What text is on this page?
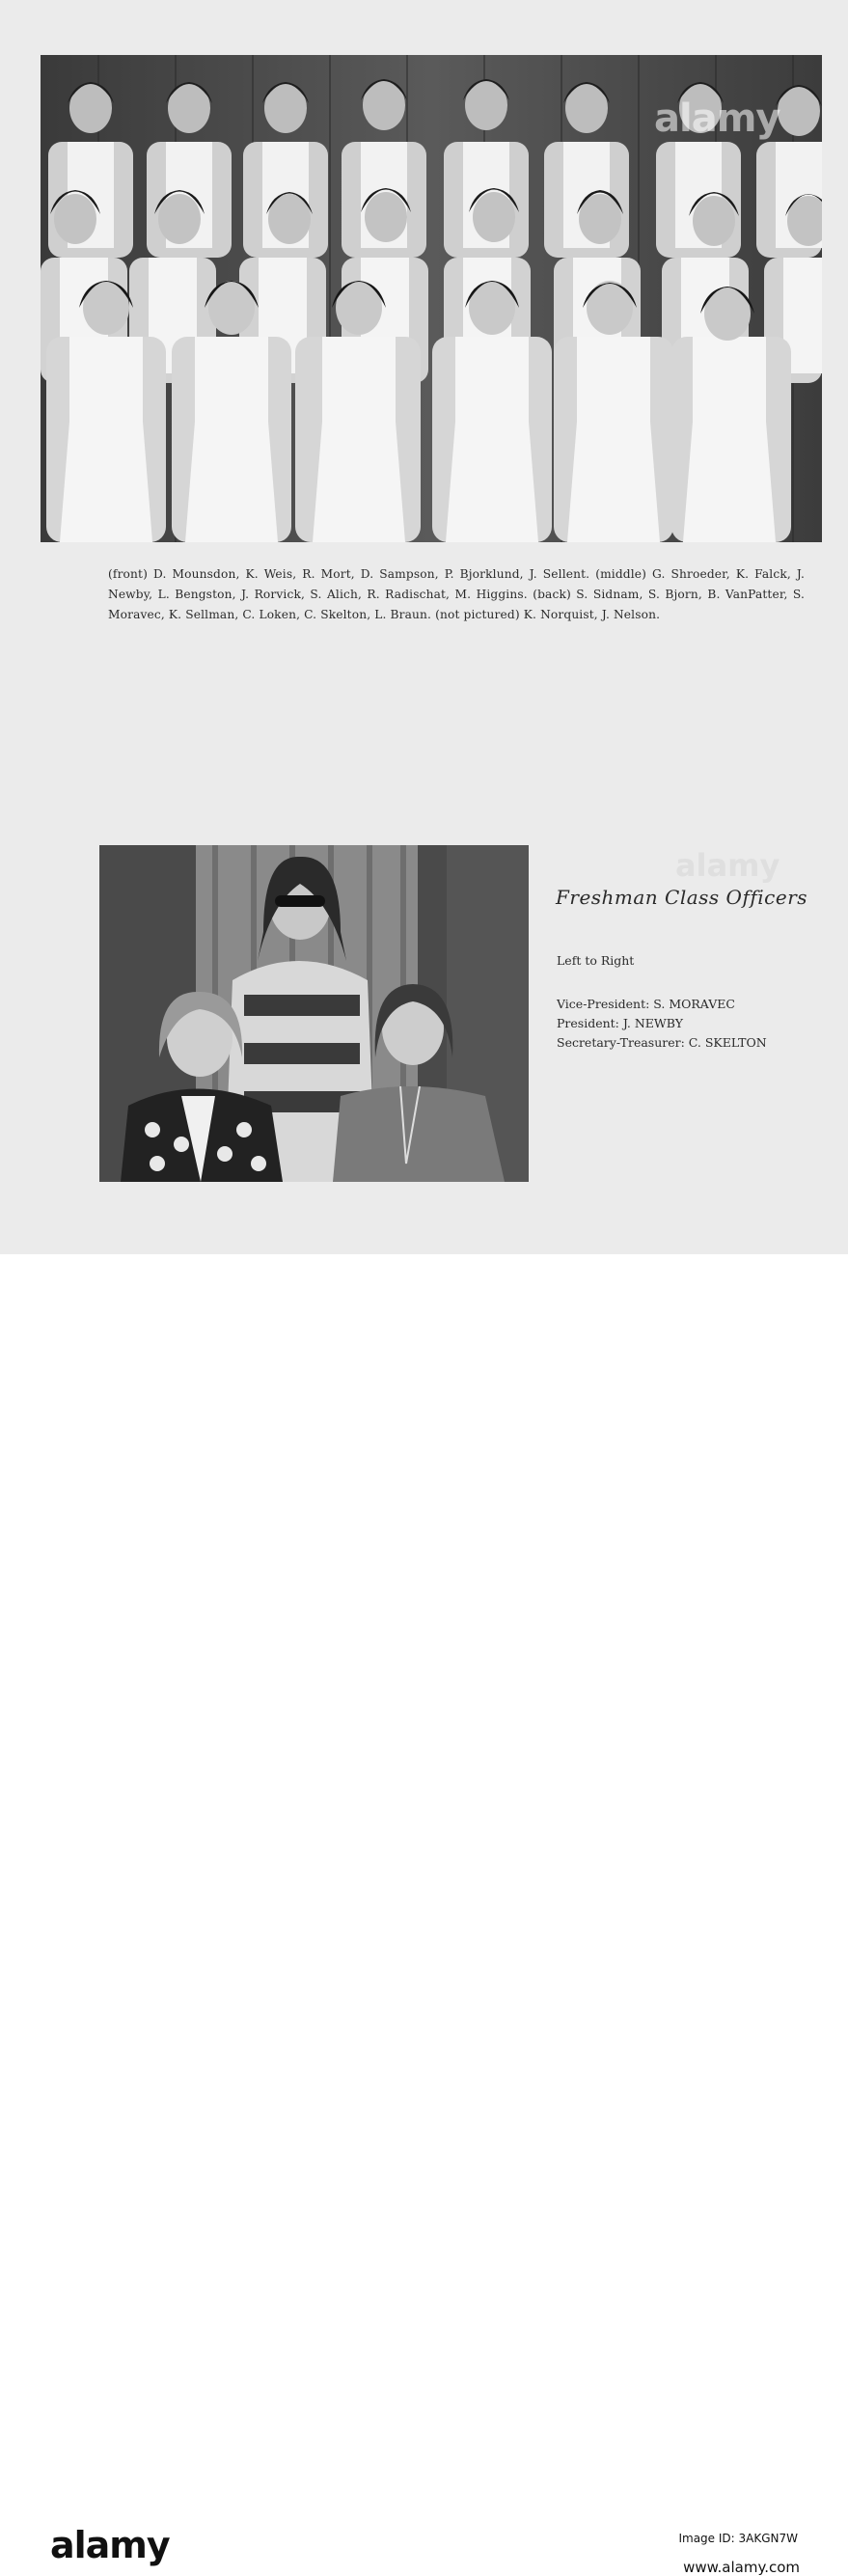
alamy

(front) D. Mounsdon, K. Weis, R. Mort, D. Sampson, P. Bjorklund, J. Sellent. (middle) G. Shroeder, K. Falck, J. Newby, L. Bengston, J. Rorvick, S. Alich, R. Radischat, M. Higgins. (back) S. Sidnam, S. Bjorn, B. VanPatter, S. Moravec, K. Sellman, C. Loken, C. Skelton, L. Braun. (not pictured) K. Norquist, J. Nelson.

alamy
Freshman Class Officers
Left to Right
Vice-President: S. MORAVEC
President: J. NEWBY
Secretary-Treasurer: C. SKELTON
alamy	Image ID: 3AKGN7W
www.alamy.com
